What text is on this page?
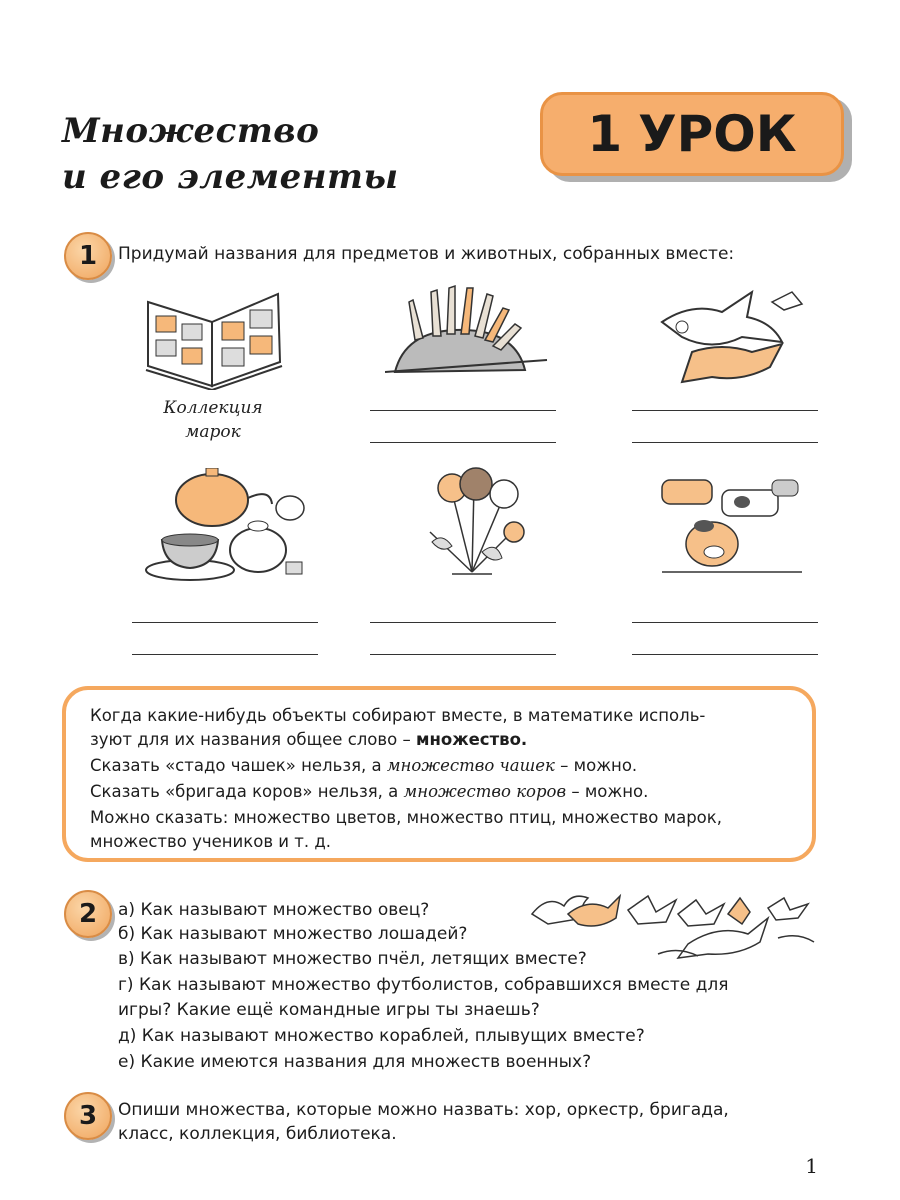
Множество
и его элементы
1 УРОК
1	Придумай названия для предметов и животных, собранных вместе:
Коллекция
марок

Когда какие-нибудь объекты собирают вместе, в математике исполь-

зуют для их названия общее слово – множество.

Сказать «стадо чашек» нельзя, а множество чашек – можно.

Сказать «бригада коров» нельзя, а множество коров – можно.

Можно сказать: множество цветов, множество птиц, множество марок,

множество учеников и т. д.

2	а) Как называют множество овец?
б) Как называют множество лошадей?
в) Как называют множество пчёл, летящих вместе?
г) Как называют множество футболистов, собравшихся вместе для
игры? Какие ещё командные игры ты знаешь?
д) Как называют множество кораблей, плывущих вместе?
е) Какие имеются названия для множеств военных?
3	Опиши множества, которые можно назвать: хор, оркестр, бригада,
класс, коллекция, библиотека.
1
